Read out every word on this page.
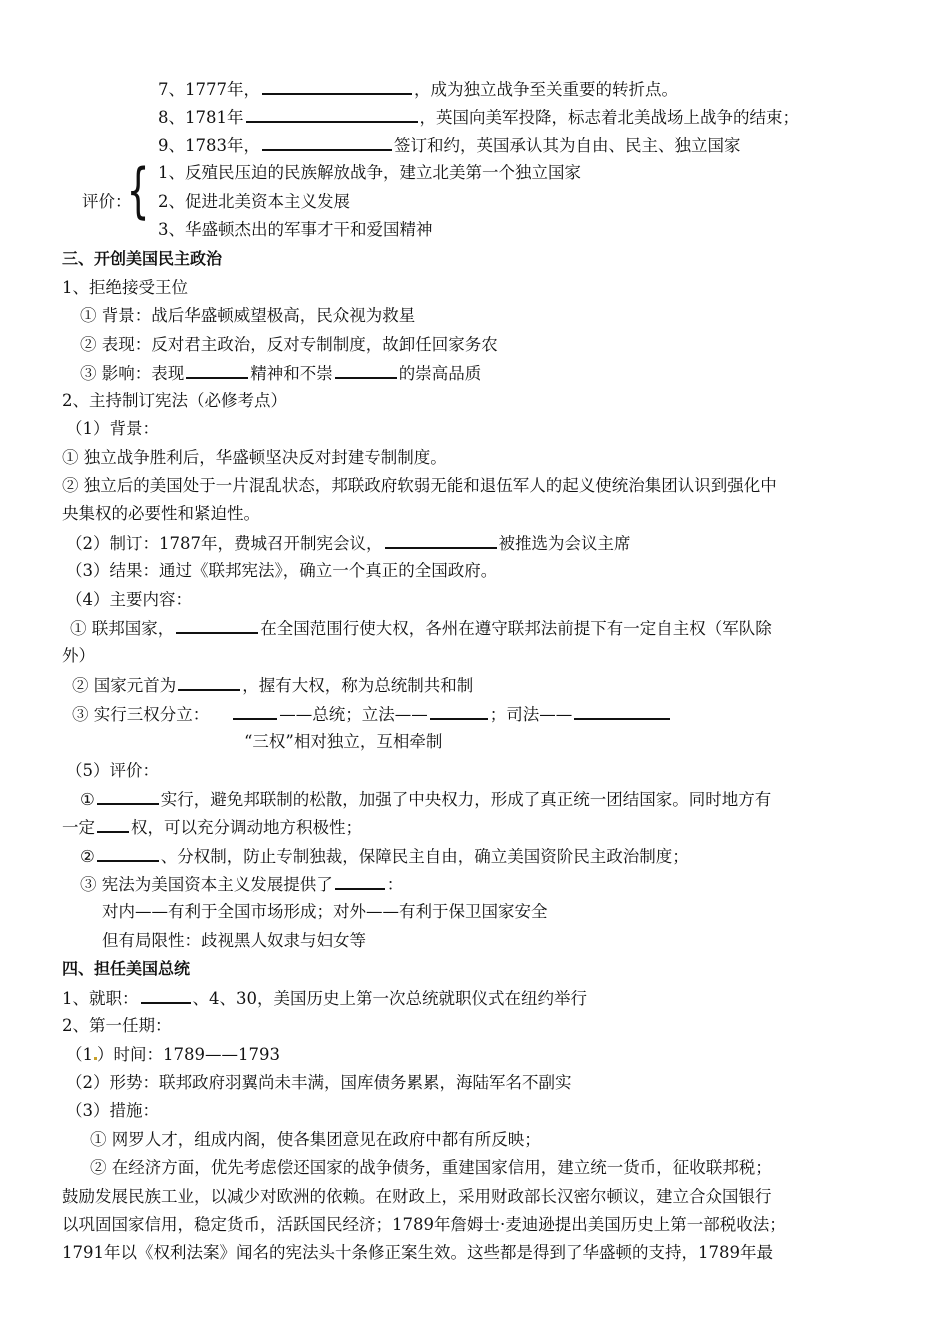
7、1777年，	，成为独立战争至关重要的转折点。
8、1781年	，英国向美军投降，标志着北美战场上战争的结束；
9、1783年，	签订和约，英国承认其为自由、民主、独立国家
评价：
{ 1、反殖民压迫的民族解放战争，建立北美第一个独立国家
2、促进北美资本主义发展
3、华盛顿杰出的军事才干和爱国精神
三、开创美国民主政治
1、拒绝接受王位
① 背景：战后华盛顿威望极高，民众视为救星
② 表现：反对君主政治，反对专制制度，故卸任回家务农
③ 影响：表现	精神和不崇	的崇高品质
2、主持制订宪法（必修考点）
（1）背景：
① 独立战争胜利后，华盛顿坚决反对封建专制制度。
② 独立后的美国处于一片混乱状态，邦联政府软弱无能和退伍军人的起义使统治集团认识到强化中
央集权的必要性和紧迫性。
（2）制订：1787年，费城召开制宪会议，	被推选为会议主席
（3）结果：通过《联邦宪法》，确立一个真正的全国政府。
（4）主要内容：
① 联邦国家，	在全国范围行使大权，各州在遵守联邦法前提下有一定自主权（军队除
外）
② 国家元首为	，握有大权，称为总统制共和制
③ 实行三权分立：	——总统；立法——	；司法——
“三权”相对独立，互相牵制
（5）评价：
①	实行，避免邦联制的松散，加强了中央权力，形成了真正统一团结国家。同时地方有
一定 权，可以充分调动地方积极性；
②	、分权制，防止专制独裁，保障民主自由，确立美国资阶民主政治制度；
③ 宪法为美国资本主义发展提供了	：
对内——有利于全国市场形成；对外——有利于保卫国家安全
但有局限性：歧视黑人奴隶与妇女等
四、担任美国总统
1、就职：	、4、30，美国历史上第一次总统就职仪式在纽约举行
2、第一任期：
（1 ）时间：1789——1793
（2）形势：联邦政府羽翼尚未丰满，国库债务累累，海陆军名不副实
（3）措施：
① 网罗人才，组成内阁，使各集团意见在政府中都有所反映；
② 在经济方面，优先考虑偿还国家的战争债务，重建国家信用，建立统一货币，征收联邦税；
鼓励发展民族工业，以减少对欧洲的依赖。在财政上，采用财政部长汉密尔顿议，建立合众国银行
以巩固国家信用，稳定货币，活跃国民经济；1789年詹姆士·麦迪逊提出美国历史上第一部税收法；
1791年以《权利法案》闻名的宪法头十条修正案生效。这些都是得到了华盛顿的支持，1789年最
